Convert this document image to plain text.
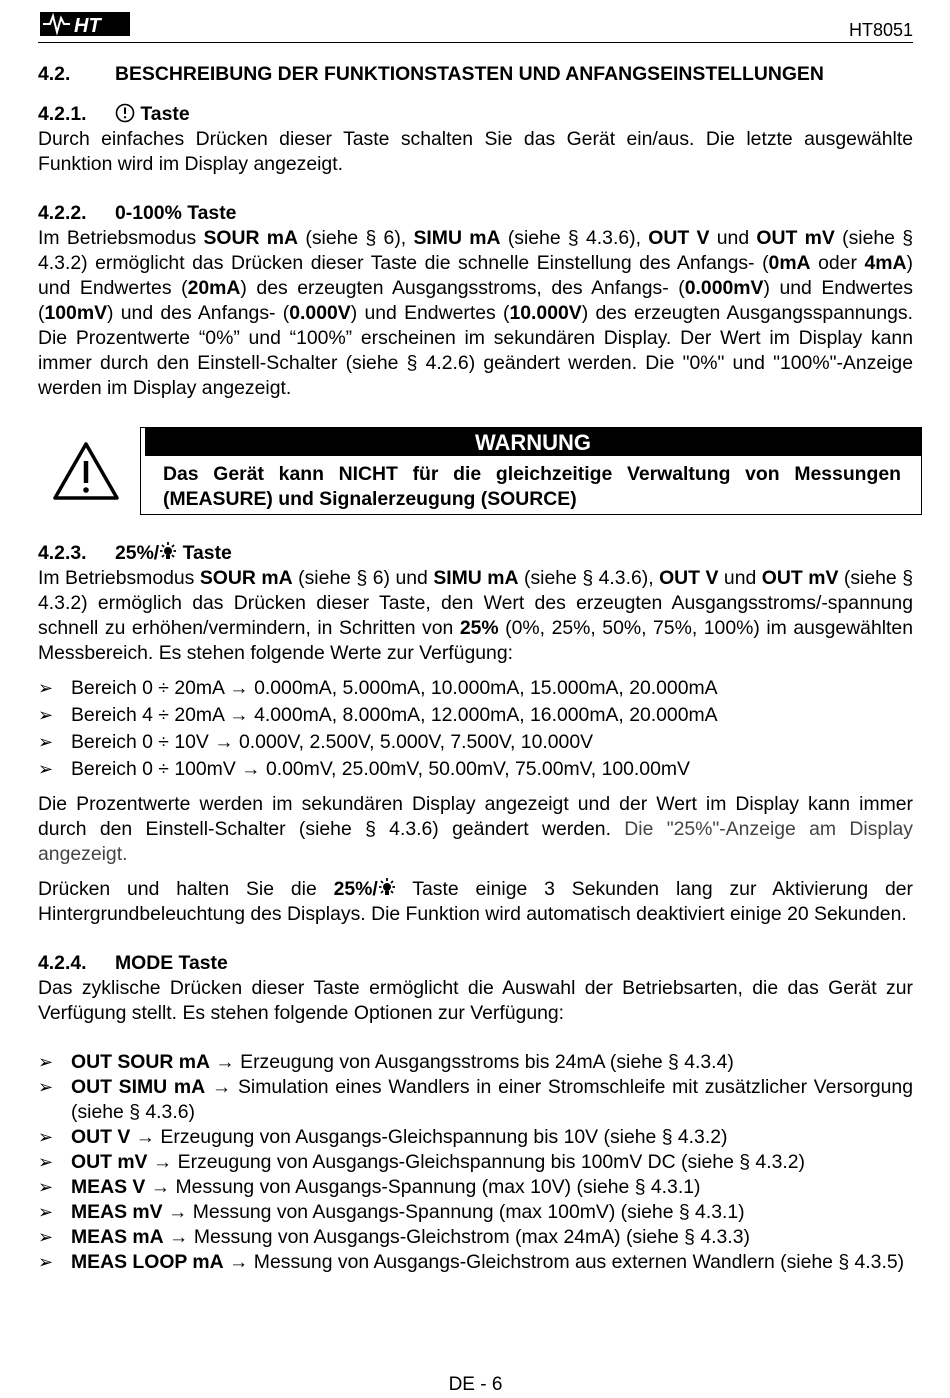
HT	HT8051
4.2. BESCHREIBUNG DER FUNKTIONSTASTEN UND ANFANGSEINSTELLUNGEN
4.2.1.	Taste

Durch einfaches Drücken dieser Taste schalten Sie das Gerät ein/aus. Die letzte ausgewählte Funktion wird im Display angezeigt.

4.2.2. 0-100% Taste

Im Betriebsmodus SOUR mA (siehe § 6), SIMU mA (siehe § 4.3.6), OUT V und OUT mV (siehe § 4.3.2) ermöglicht das Drücken dieser Taste die schnelle Einstellung des Anfangs- (0mA oder 4mA) und Endwertes (20mA) des erzeugten Ausgangsstroms, des Anfangs- (0.000mV) und Endwertes (100mV) und des Anfangs- (0.000V) und Endwertes (10.000V) des erzeugten Ausgangsspannungs. Die Prozentwerte “0%” und “100%” erscheinen im sekundären Display. Der Wert im Display kann immer durch den Einstell-Schalter (siehe § 4.2.6) geändert werden. Die "0%" und "100%"-Anzeige werden im Display angezeigt.

WARNUNG
Das Gerät kann NICHT für die gleichzeitige Verwaltung von Messungen (MEASURE) und Signalerzeugung (SOURCE)
4.2.3. 25%/ Taste

Im Betriebsmodus SOUR mA (siehe § 6) und SIMU mA (siehe § 4.3.6), OUT V und OUT mV (siehe § 4.3.2) ermöglich das Drücken dieser Taste, den Wert des erzeugten Ausgangsstroms/-spannung schnell zu erhöhen/vermindern, in Schritten von 25% (0%, 25%, 50%, 75%, 100%) im ausgewählten Messbereich. Es stehen folgende Werte zur Verfügung:

➢ Bereich 0 ÷ 20mA → 0.000mA, 5.000mA, 10.000mA, 15.000mA, 20.000mA
➢ Bereich 4 ÷ 20mA → 4.000mA, 8.000mA, 12.000mA, 16.000mA, 20.000mA
➢ Bereich 0 ÷ 10V → 0.000V, 2.500V, 5.000V, 7.500V, 10.000V
➢ Bereich 0 ÷ 100mV → 0.00mV, 25.00mV, 50.00mV, 75.00mV, 100.00mV

Die Prozentwerte werden im sekundären Display angezeigt und der Wert im Display kann immer durch den Einstell-Schalter (siehe § 4.3.6) geändert werden. Die "25%"-Anzeige am Display angezeigt.

Drücken und halten Sie die 25%/ Taste einige 3 Sekunden lang zur Aktivierung der Hintergrundbeleuchtung des Displays. Die Funktion wird automatisch deaktiviert einige 20 Sekunden.

4.2.4. MODE Taste

Das zyklische Drücken dieser Taste ermöglicht die Auswahl der Betriebsarten, die das Gerät zur Verfügung stellt. Es stehen folgende Optionen zur Verfügung:

➢ OUT SOUR mA → Erzeugung von Ausgangsstroms bis 24mA (siehe § 4.3.4)
➢ OUT SIMU mA → Simulation eines Wandlers in einer Stromschleife mit zusätzlicher Versorgung (siehe § 4.3.6)
➢ OUT V → Erzeugung von Ausgangs-Gleichspannung bis 10V (siehe § 4.3.2)
➢ OUT mV → Erzeugung von Ausgangs-Gleichspannung bis 100mV DC (siehe § 4.3.2)
➢ MEAS V → Messung von Ausgangs-Spannung (max 10V) (siehe § 4.3.1)
➢ MEAS mV → Messung von Ausgangs-Spannung (max 100mV) (siehe § 4.3.1)
➢ MEAS mA → Messung von Ausgangs-Gleichstrom (max 24mA) (siehe § 4.3.3)
➢ MEAS LOOP mA → Messung von Ausgangs-Gleichstrom aus externen Wandlern (siehe § 4.3.5)
DE - 6
